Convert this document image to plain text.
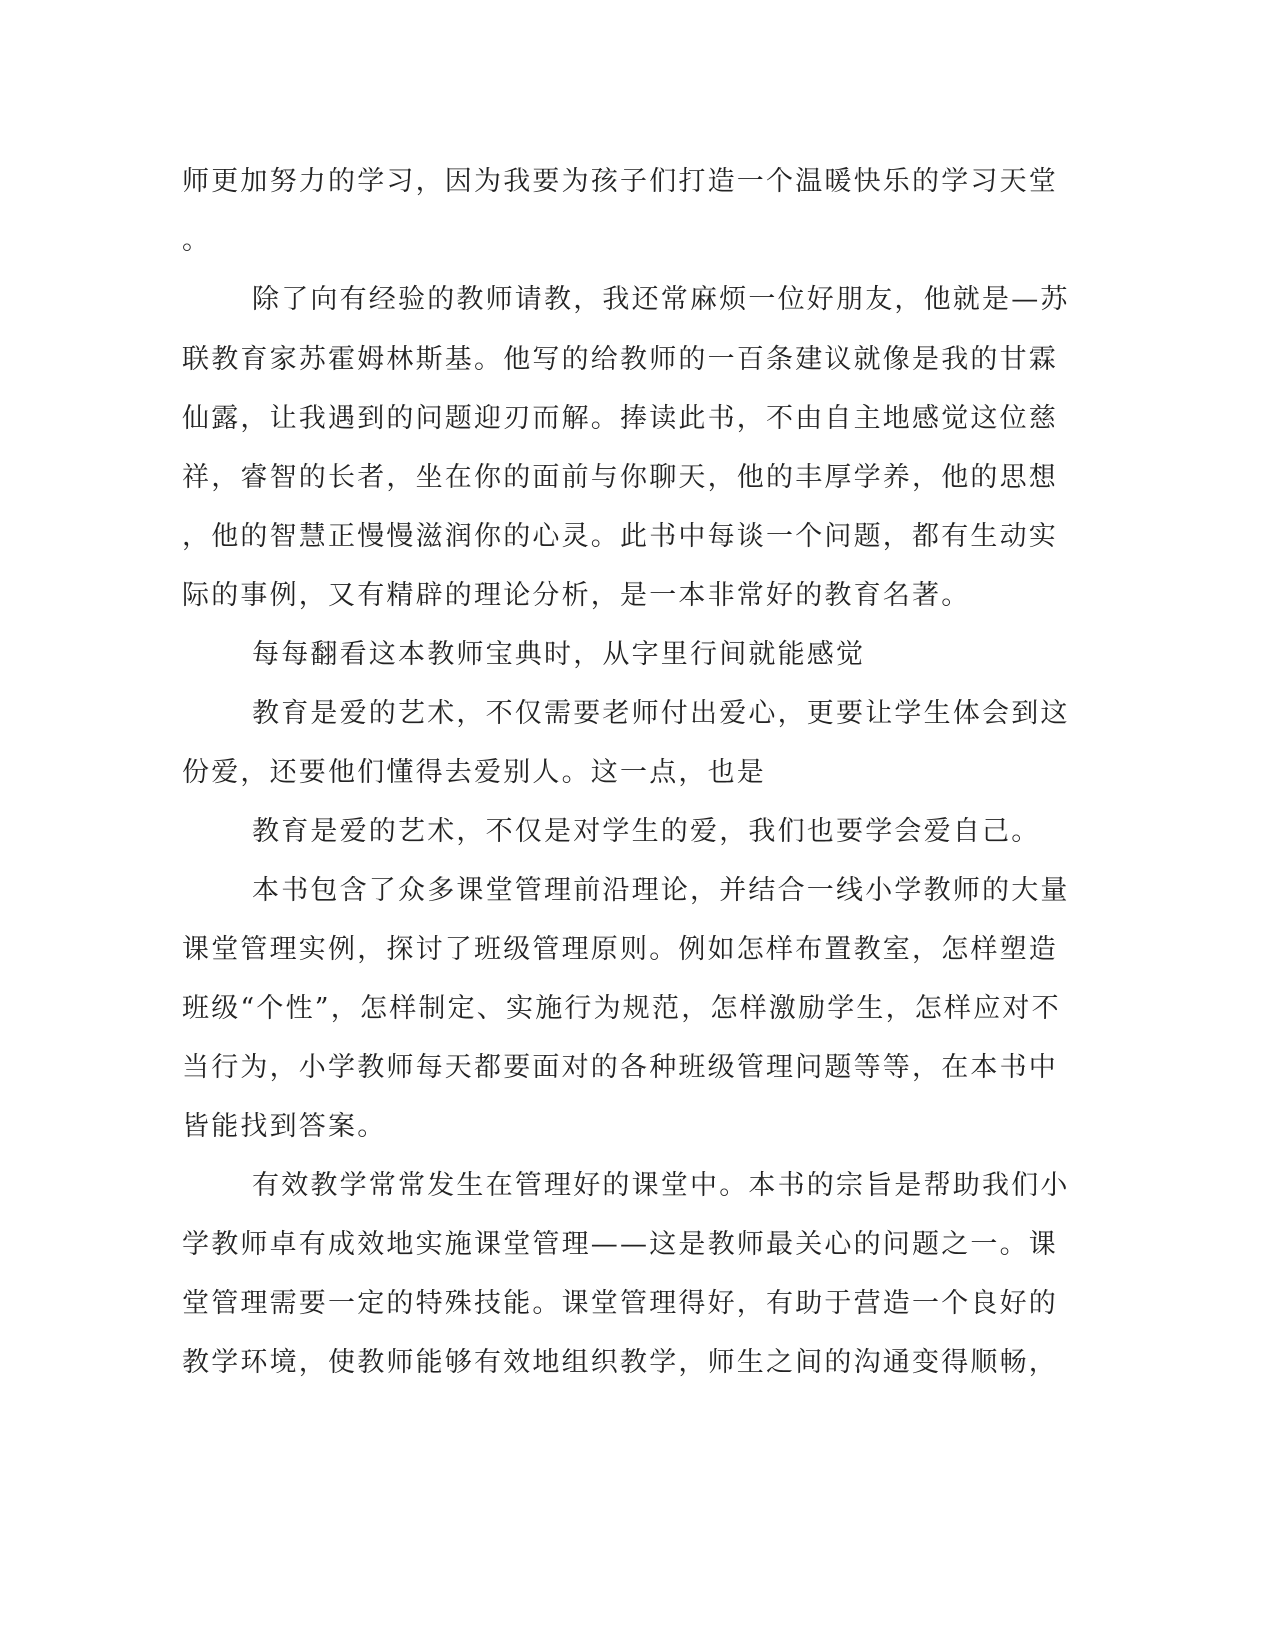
师更加努力的学习，因为我要为孩子们打造一个温暖快乐的学习天堂

。

除了向有经验的教师请教，我还常麻烦一位好朋友，他就是—苏

联教育家苏霍姆林斯基。他写的给教师的一百条建议就像是我的甘霖

仙露，让我遇到的问题迎刃而解。捧读此书，不由自主地感觉这位慈

祥，睿智的长者，坐在你的面前与你聊天，他的丰厚学养，他的思想

，他的智慧正慢慢滋润你的心灵。此书中每谈一个问题，都有生动实

际的事例，又有精辟的理论分析，是一本非常好的教育名著。

每每翻看这本教师宝典时，从字里行间就能感觉

教育是爱的艺术，不仅需要老师付出爱心，更要让学生体会到这

份爱，还要他们懂得去爱别人。这一点，也是

教育是爱的艺术，不仅是对学生的爱，我们也要学会爱自己。

本书包含了众多课堂管理前沿理论，并结合一线小学教师的大量

课堂管理实例，探讨了班级管理原则。例如怎样布置教室，怎样塑造

班级“个性”，怎样制定、实施行为规范，怎样激励学生，怎样应对不

当行为，小学教师每天都要面对的各种班级管理问题等等，在本书中

皆能找到答案。

有效教学常常发生在管理好的课堂中。本书的宗旨是帮助我们小

学教师卓有成效地实施课堂管理——这是教师最关心的问题之一。课

堂管理需要一定的特殊技能。课堂管理得好，有助于营造一个良好的

教学环境，使教师能够有效地组织教学，师生之间的沟通变得顺畅，
